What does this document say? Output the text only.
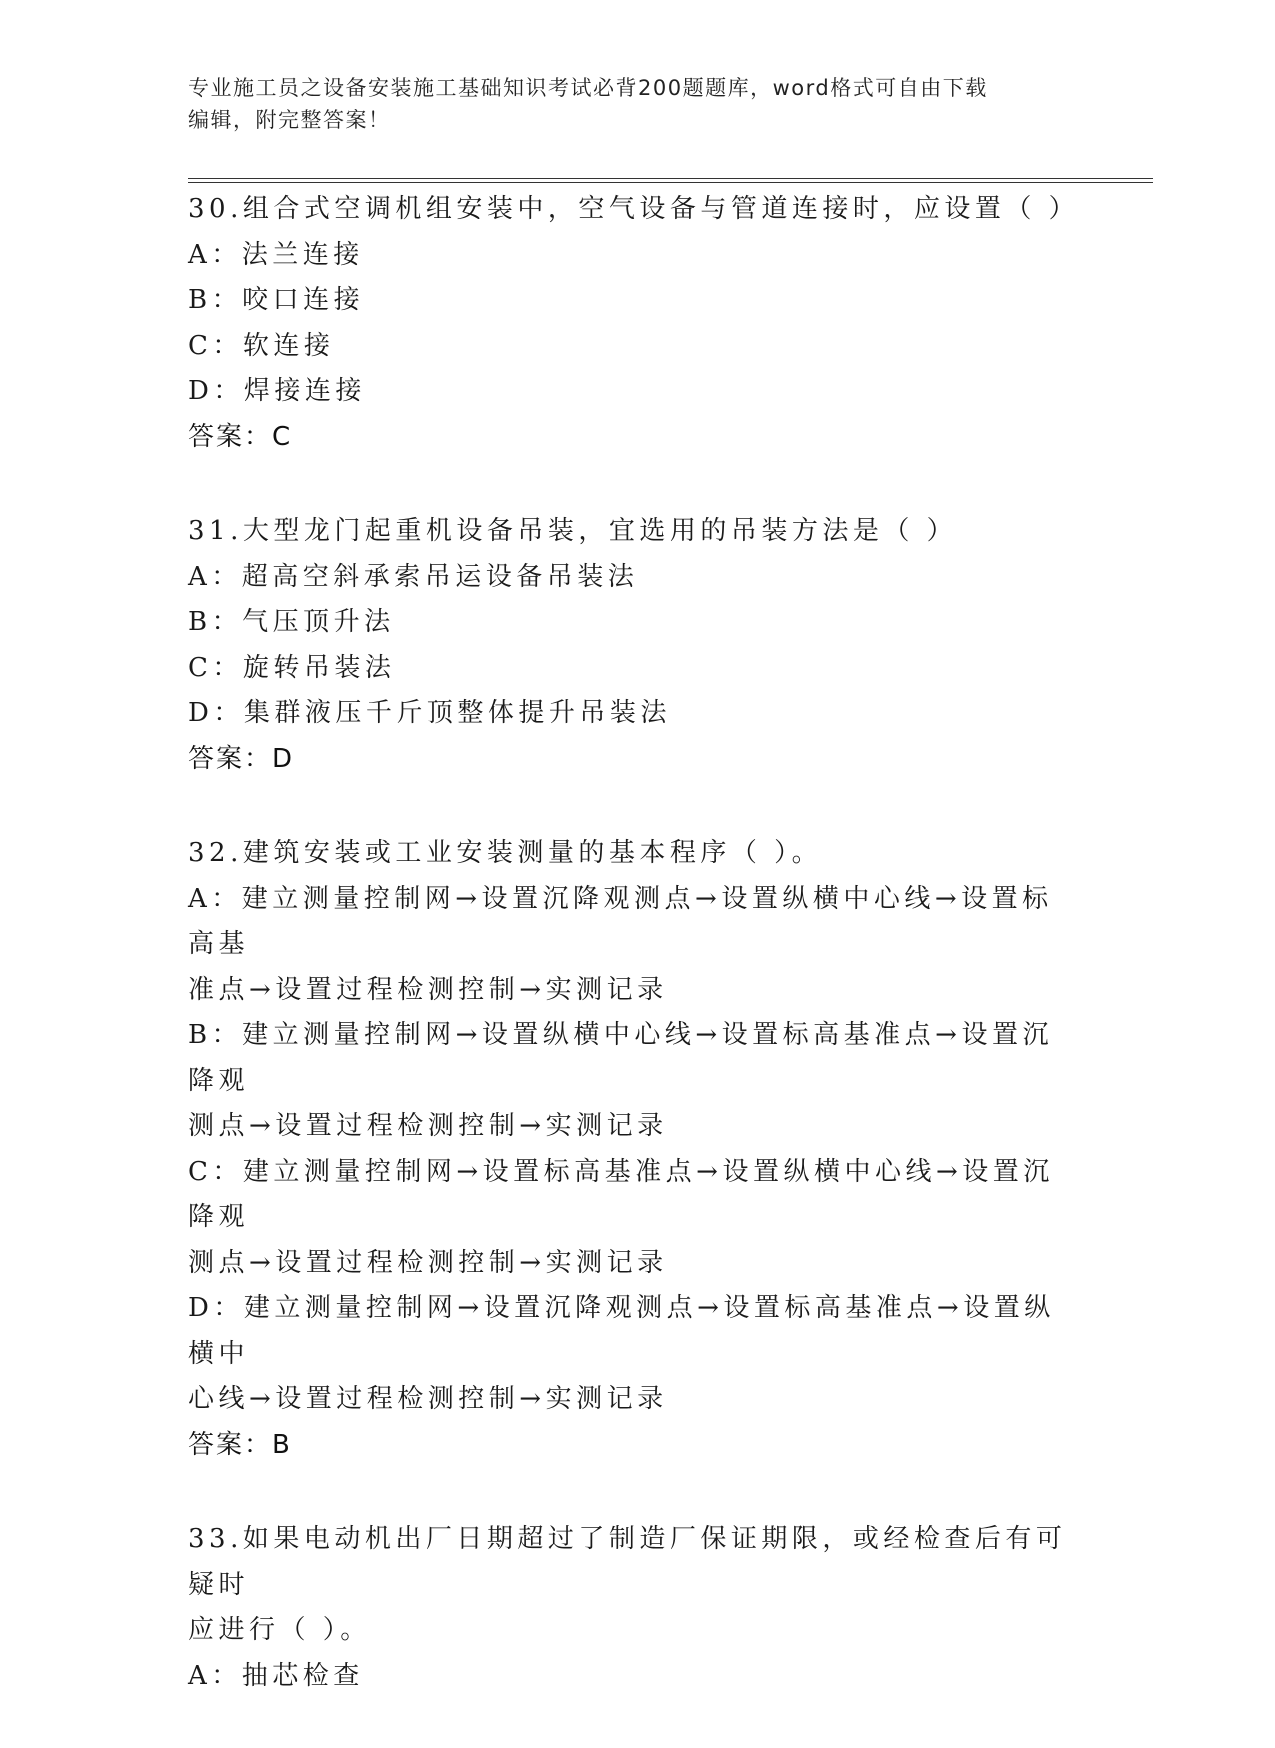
专业施工员之设备安装施工基础知识考试必背200题题库，word格式可自由下载
编辑，附完整答案！
30.组合式空调机组安装中，空气设备与管道连接时，应设置（ ）
A：法兰连接
B：咬口连接
C：软连接
D：焊接连接
答案：C
31.大型龙门起重机设备吊装，宜选用的吊装方法是（ ）
A：超高空斜承索吊运设备吊装法
B：气压顶升法
C：旋转吊装法
D：集群液压千斤顶整体提升吊装法
答案：D
32.建筑安装或工业安装测量的基本程序（ ）。
A：建立测量控制网→设置沉降观测点→设置纵横中心线→设置标高基
准点→设置过程检测控制→实测记录
B：建立测量控制网→设置纵横中心线→设置标高基准点→设置沉降观
测点→设置过程检测控制→实测记录
C：建立测量控制网→设置标高基准点→设置纵横中心线→设置沉降观
测点→设置过程检测控制→实测记录
D：建立测量控制网→设置沉降观测点→设置标高基准点→设置纵横中
心线→设置过程检测控制→实测记录
答案：B
33.如果电动机出厂日期超过了制造厂保证期限，或经检查后有可疑时
应进行（ ）。
A：抽芯检查
